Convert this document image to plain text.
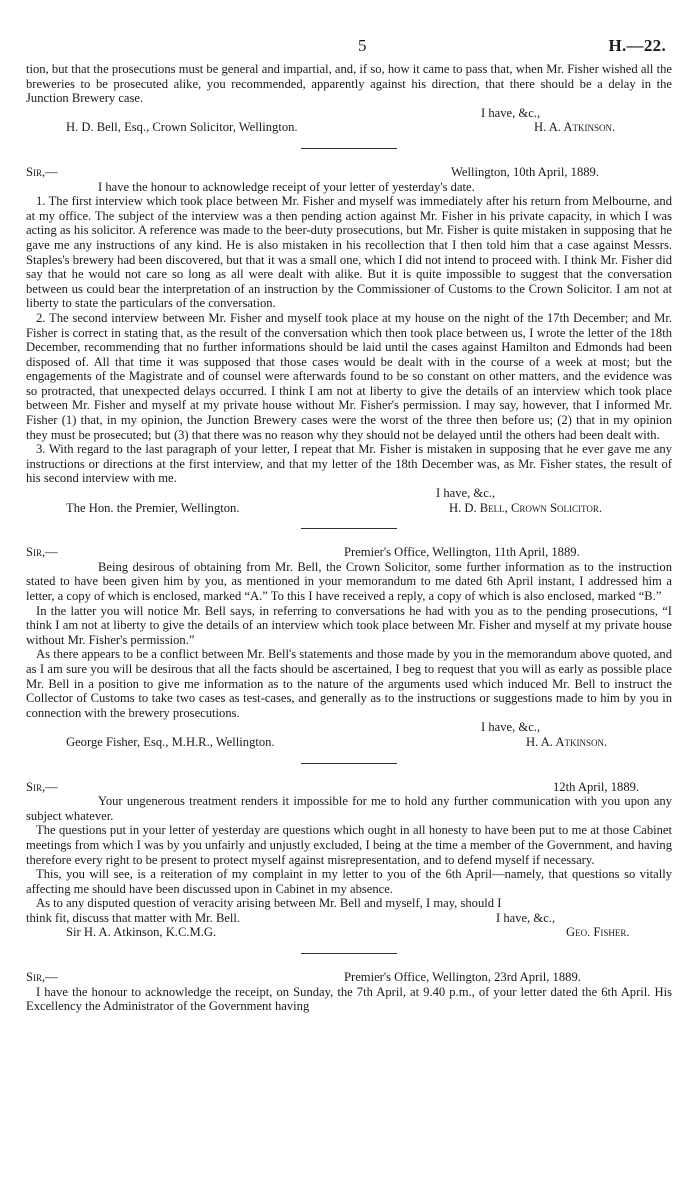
5	H.—22.

tion, but that the prosecutions must be general and impartial, and, if so, how it came to pass that, when Mr. Fisher wished all the breweries to be prosecuted alike, you recommended, apparently against his direction, that there should be a delay in the Junction Brewery case.

I have, &c.,
H. D. Bell, Esq., Crown Solicitor, Wellington.	H. A. Atkinson.
Sir,—	Wellington, 10th April, 1889.

I have the honour to acknowledge receipt of your letter of yesterday's date.

1. The first interview which took place between Mr. Fisher and myself was immediately after his return from Melbourne, and at my office. The subject of the interview was a then pending action against Mr. Fisher in his private capacity, in which I was acting as his solicitor. A reference was made to the beer-duty prosecutions, but Mr. Fisher is quite mistaken in supposing that he gave me any instructions of any kind. He is also mistaken in his recollection that I then told him that a case against Messrs. Staples's brewery had been discovered, but that it was a small one, which I did not intend to proceed with. I think Mr. Fisher did say that he would not care so long as all were dealt with alike. But it is quite impossible to suggest that the conversation between us could bear the interpretation of an instruction by the Commissioner of Customs to the Crown Solicitor. I am not at liberty to state the particulars of the conversation.

2. The second interview between Mr. Fisher and myself took place at my house on the night of the 17th December; and Mr. Fisher is correct in stating that, as the result of the conversation which then took place between us, I wrote the letter of the 18th December, recommending that no further informations should be laid until the cases against Hamilton and Edmonds had been disposed of. All that time it was supposed that those cases would be dealt with in the course of a week at most; but the engagements of the Magistrate and of counsel were afterwards found to be so constant on other matters, and the evidence was so protracted, that unexpected delays occurred. I think I am not at liberty to give the details of an interview which took place between Mr. Fisher and myself at my private house without Mr. Fisher's permission. I may say, however, that I informed Mr. Fisher (1) that, in my opinion, the Junction Brewery cases were the worst of the three then before us; (2) that in my opinion they must be prosecuted; but (3) that there was no reason why they should not be delayed until the others had been dealt with.

3. With regard to the last paragraph of your letter, I repeat that Mr. Fisher is mistaken in supposing that he ever gave me any instructions or directions at the first interview, and that my letter of the 18th December was, as Mr. Fisher states, the result of his second interview with me.

I have, &c.,
The Hon. the Premier, Wellington.	H. D. Bell, Crown Solicitor.
Sir,—	Premier's Office, Wellington, 11th April, 1889.

Being desirous of obtaining from Mr. Bell, the Crown Solicitor, some further information as to the instruction stated to have been given him by you, as mentioned in your memorandum to me dated 6th April instant, I addressed him a letter, a copy of which is enclosed, marked “A.” To this I have received a reply, a copy of which is also enclosed, marked “B.”

In the latter you will notice Mr. Bell says, in referring to conversations he had with you as to the pending prosecutions, “I think I am not at liberty to give the details of an interview which took place between Mr. Fisher and myself at my private house without Mr. Fisher's permission.”

As there appears to be a conflict between Mr. Bell's statements and those made by you in the memorandum above quoted, and as I am sure you will be desirous that all the facts should be ascertained, I beg to request that you will as early as possible place Mr. Bell in a position to give me information as to the nature of the arguments used which induced Mr. Bell to instruct the Collector of Customs to take two cases as test-cases, and generally as to the instructions or suggestions made to him by you in connection with the brewery prosecutions.

I have, &c.,
George Fisher, Esq., M.H.R., Wellington.	H. A. Atkinson.
Sir,—	12th April, 1889.

Your ungenerous treatment renders it impossible for me to hold any further communication with you upon any subject whatever.

The questions put in your letter of yesterday are questions which ought in all honesty to have been put to me at those Cabinet meetings from which I was by you unfairly and unjustly excluded, I being at the time a member of the Government, and having therefore every right to be present to protect myself against misrepresentation, and to defend myself if necessary.

This, you will see, is a reiteration of my complaint in my letter to you of the 6th April—namely, that questions so vitally affecting me should have been discussed upon in Cabinet in my absence.

As to any disputed question of veracity arising between Mr. Bell and myself, I may, should I

think fit, discuss that matter with Mr. Bell.	I have, &c.,
Sir H. A. Atkinson, K.C.M.G.	Geo. Fisher.
Sir,—	Premier's Office, Wellington, 23rd April, 1889.

I have the honour to acknowledge the receipt, on Sunday, the 7th April, at 9.40 p.m., of your letter dated the 6th April. His Excellency the Administrator of the Government having
